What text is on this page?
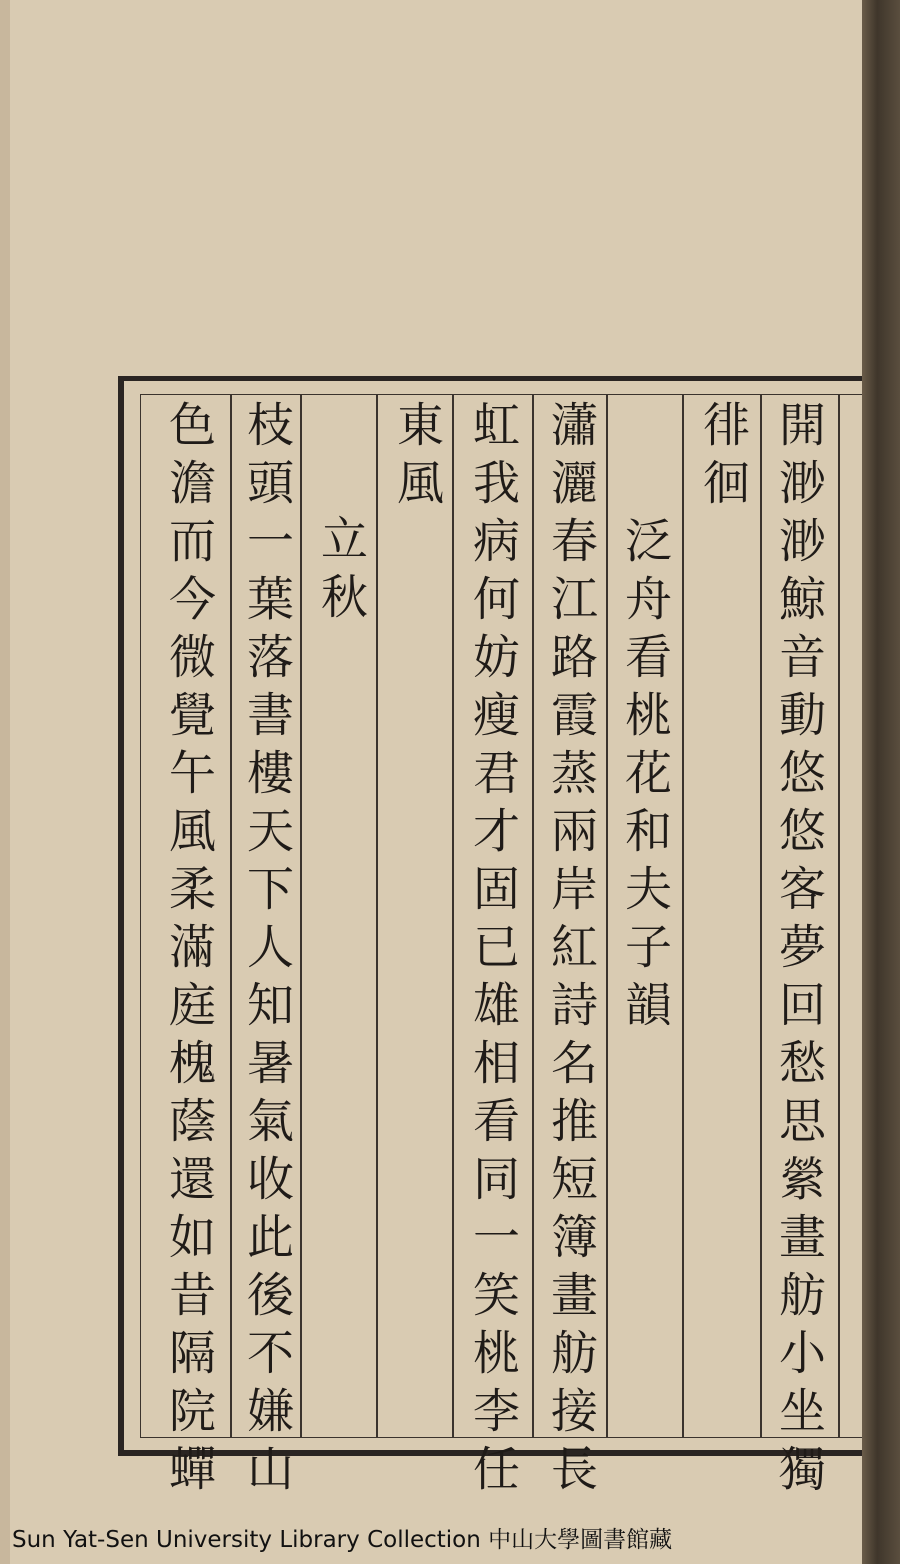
開渺渺鯨音動悠悠客夢回愁思縈畫舫小坐獨
徘徊
泛舟看桃花和夫子韻
瀟灑春江路霞蒸兩岸紅詩名推短簿畫舫接長
虹我病何妨瘦君才固已雄相看同一笑桃李任
東風
立秋
枝頭一葉落書樓天下人知暑氣收此後不嫌山
色澹而今微覺午風柔滿庭槐蔭還如昔隔院蟬
Sun Yat-Sen University Library Collection 中山大學圖書館藏
